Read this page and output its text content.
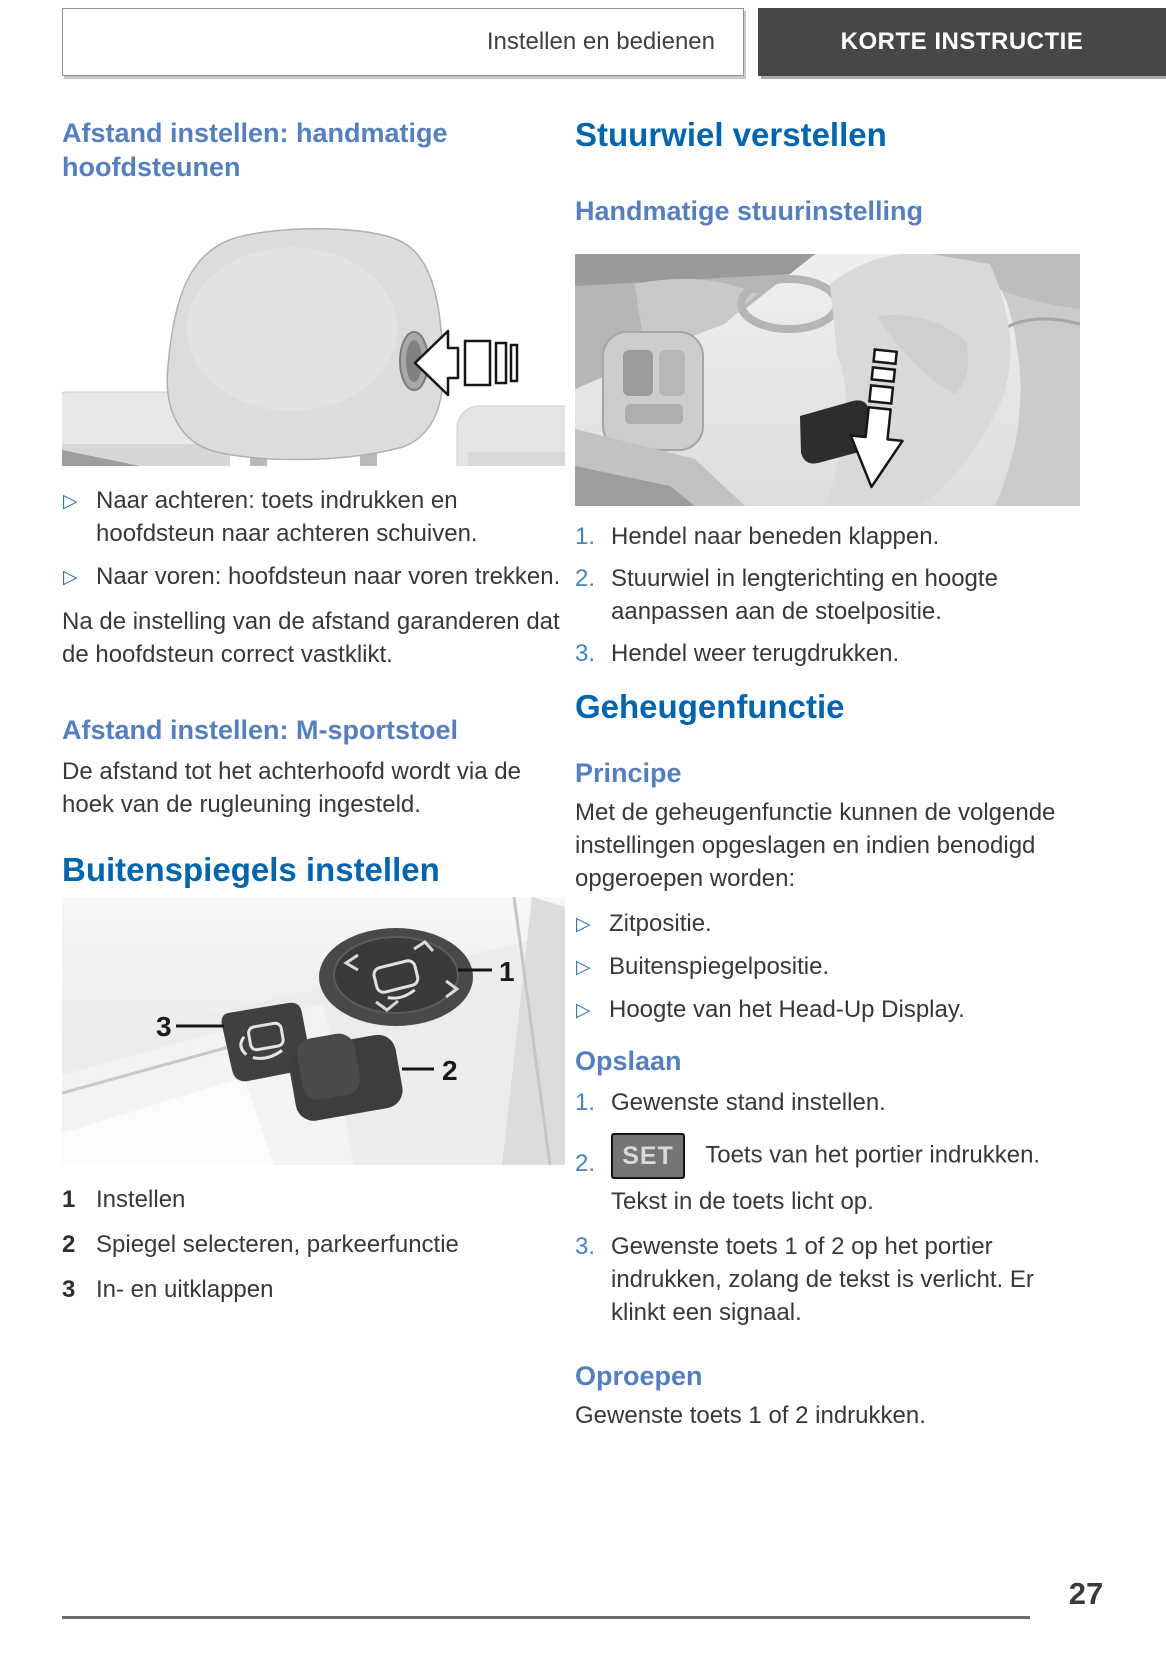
Instellen en bedienen	KORTE INSTRUCTIE
Afstand instellen: handmatige hoofdsteunen
▷ Naar achteren: toets indrukken en hoofdsteun naar achteren schuiven.
▷ Naar voren: hoofdsteun naar voren trekken.

Na de instelling van de afstand garanderen dat de hoofdsteun correct vastklikt.

Afstand instellen: M-sportstoel

De afstand tot het achterhoofd wordt via de hoek van de rugleuning ingesteld.

Buitenspiegels instellen
1
2
3
1 Instellen
2 Spiegel selecteren, parkeerfunctie
3 In- en uitklappen
Stuurwiel verstellen
Handmatige stuurinstelling
1. Hendel naar beneden klappen.
2. Stuurwiel in lengterichting en hoogte aanpassen aan de stoelpositie.
3. Hendel weer terugdrukken.
Geheugenfunctie
Principe

Met de geheugenfunctie kunnen de volgende instellingen opgeslagen en indien benodigd opgeroepen worden:

▷ Zitpositie.
▷ Buitenspiegelpositie.
▷ Hoogte van het Head-Up Display.
Opslaan
1. Gewenste stand instellen.
2. SET Toets van het portier indrukken.
Tekst in de toets licht op.
3. Gewenste toets 1 of 2 op het portier indrukken, zolang de tekst is verlicht. Er klinkt een signaal.
Oproepen

Gewenste toets 1 of 2 indrukken.

27
